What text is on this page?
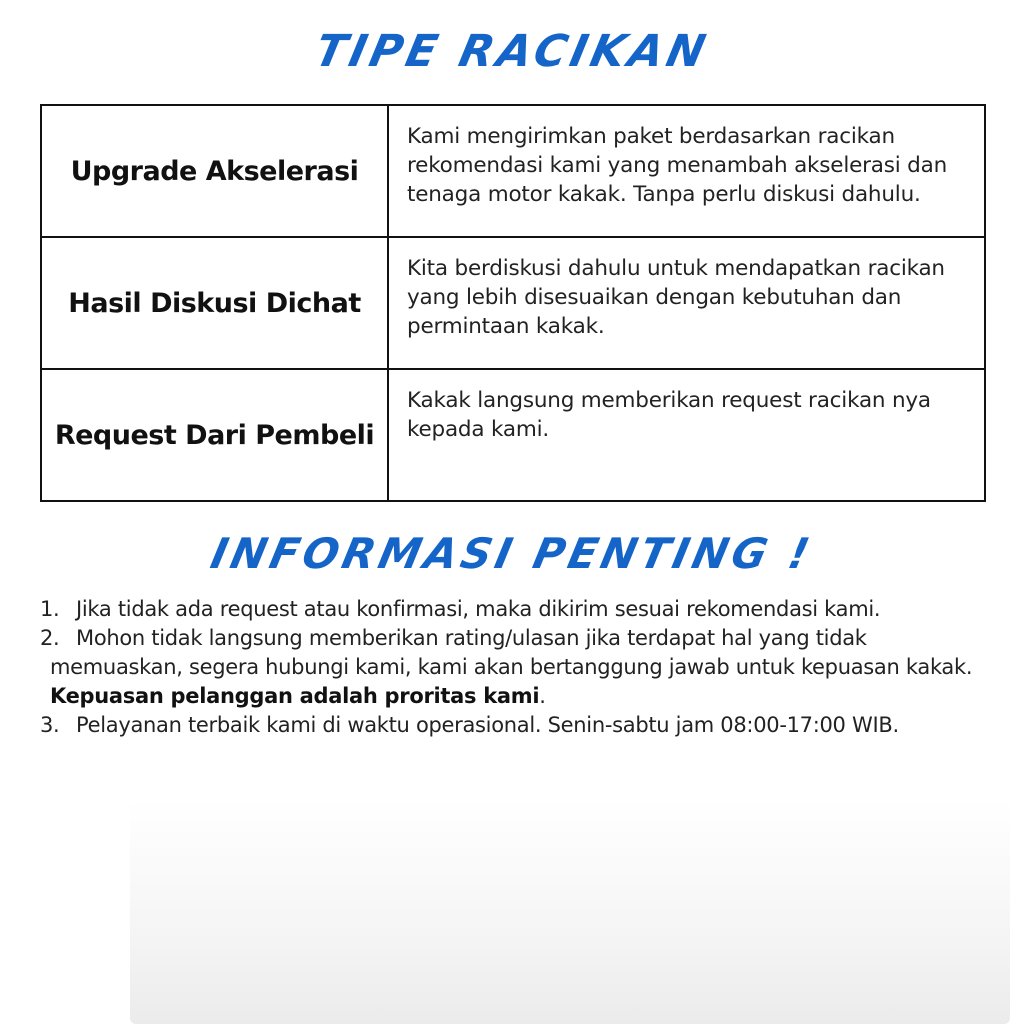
TIPE RACIKAN
Upgrade Akselerasi	Kami mengirimkan paket berdasarkan racikan rekomendasi kami yang menambah akselerasi dan tenaga motor kakak. Tanpa perlu diskusi dahulu.
Hasil Diskusi Dichat	Kita berdiskusi dahulu untuk mendapatkan racikan yang lebih disesuaikan dengan kebutuhan dan permintaan kakak.
Request Dari Pembeli	Kakak langsung memberikan request racikan nya kepada kami.
INFORMASI PENTING !
1. Jika tidak ada request atau konfirmasi, maka dikirim sesuai rekomendasi kami.
2. Mohon tidak langsung memberikan rating/ulasan jika terdapat hal yang tidak
memuaskan, segera hubungi kami, kami akan bertanggung jawab untuk kepuasan kakak.
Kepuasan pelanggan adalah proritas kami.
3. Pelayanan terbaik kami di waktu operasional. Senin-sabtu jam 08:00-17:00 WIB.
